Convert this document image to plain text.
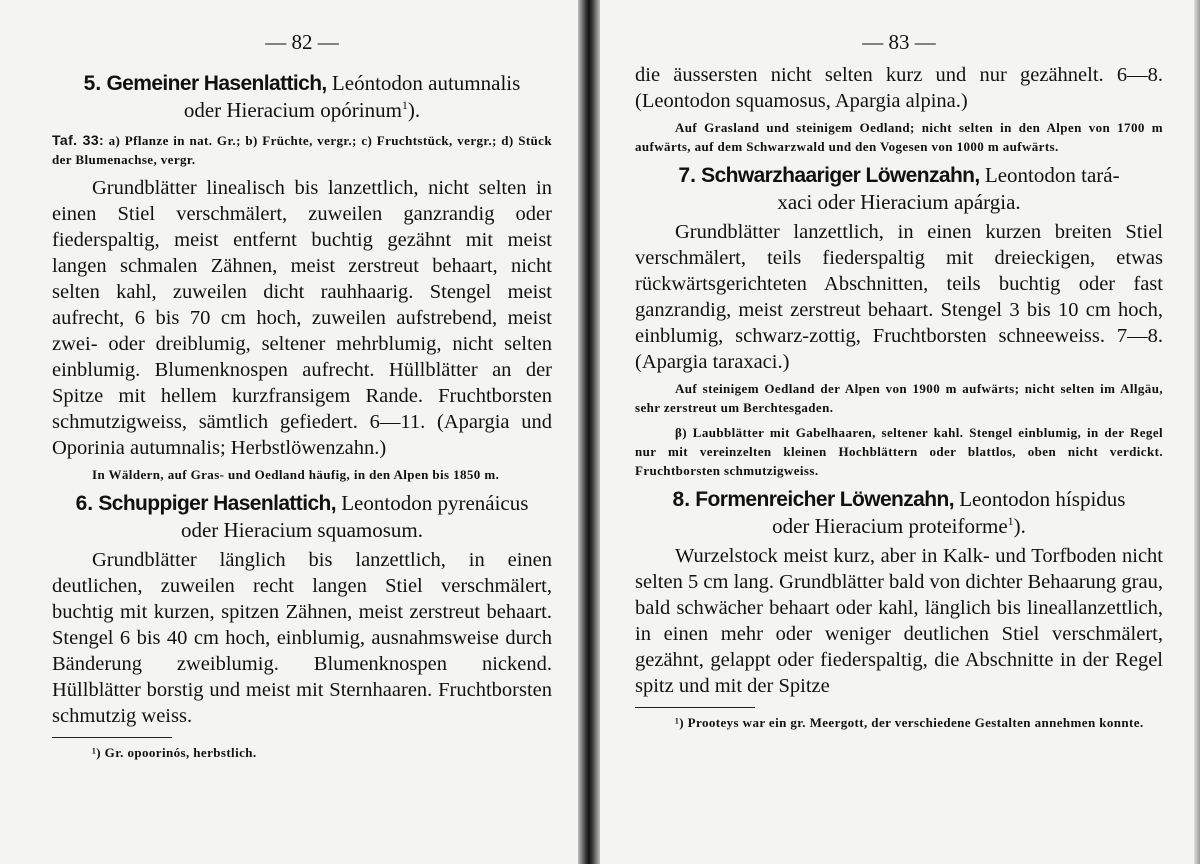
— 82 —
5. Gemeiner Hasenlattich, Leóntodon autumnalis
oder Hieracium opórinum$^1$).

Taf. 33: a) Pflanze in nat. Gr.; b) Früchte, vergr.; c) Fruchtstück, vergr.; d) Stück der Blumenachse, vergr.

Grundblätter linealisch bis lanzettlich, nicht selten in einen Stiel verschmälert, zuweilen ganzrandig oder fiederspaltig, meist entfernt buchtig gezähnt mit meist langen schmalen Zähnen, meist zerstreut behaart, nicht selten kahl, zuweilen dicht rauhhaarig. Stengel meist aufrecht, 6 bis 70 cm hoch, zuweilen aufstrebend, meist zwei- oder dreiblumig, seltener mehrblumig, nicht selten einblumig. Blumenknospen aufrecht. Hüllblätter an der Spitze mit hellem kurzfransigem Rande. Fruchtborsten schmutzigweiss, sämtlich gefiedert. 6—11. (Apargia und Oporinia autumnalis; Herbstlöwenzahn.)

In Wäldern, auf Gras- und Oedland häufig, in den Alpen bis 1850 m.

6. Schuppiger Hasenlattich, Leontodon pyrenáicus
oder Hieracium squamosum.

Grundblätter länglich bis lanzettlich, in einen deutlichen, zuweilen recht langen Stiel verschmälert, buchtig mit kurzen, spitzen Zähnen, meist zerstreut behaart. Stengel 6 bis 40 cm hoch, einblumig, ausnahmsweise durch Bänderung zweiblumig. Blumenknospen nickend. Hüllblätter borstig und meist mit Sternhaaren. Fruchtborsten schmutzig weiss.

¹) Gr. opoorinós, herbstlich.

— 83 —

die äussersten nicht selten kurz und nur gezähnelt. 6—8. (Leontodon squamosus, Apargia alpina.)

Auf Grasland und steinigem Oedland; nicht selten in den Alpen von 1700 m aufwärts, auf dem Schwarzwald und den Vogesen von 1000 m aufwärts.

7. Schwarzhaariger Löwenzahn, Leontodon tará-
xaci oder Hieracium apárgia.

Grundblätter lanzettlich, in einen kurzen breiten Stiel verschmälert, teils fiederspaltig mit dreieckigen, etwas rückwärtsgerichteten Abschnitten, teils buchtig oder fast ganzrandig, meist zerstreut behaart. Stengel 3 bis 10 cm hoch, einblumig, schwarz-zottig, Fruchtborsten schneeweiss. 7—8. (Apargia taraxaci.)

Auf steinigem Oedland der Alpen von 1900 m aufwärts; nicht selten im Allgäu, sehr zerstreut um Berchtesgaden.

β) Laubblätter mit Gabelhaaren, seltener kahl. Stengel einblumig, in der Regel nur mit vereinzelten kleinen Hochblättern oder blattlos, oben nicht verdickt. Fruchtborsten schmutzigweiss.

8. Formenreicher Löwenzahn, Leontodon híspidus
oder Hieracium proteiforme$^1$).

Wurzelstock meist kurz, aber in Kalk- und Torfboden nicht selten 5 cm lang. Grundblätter bald von dichter Behaarung grau, bald schwächer behaart oder kahl, länglich bis lineallanzettlich, in einen mehr oder weniger deutlichen Stiel verschmälert, gezähnt, gelappt oder fiederspaltig, die Abschnitte in der Regel spitz und mit der Spitze

¹) Prooteys war ein gr. Meergott, der verschiedene Gestalten annehmen konnte.
